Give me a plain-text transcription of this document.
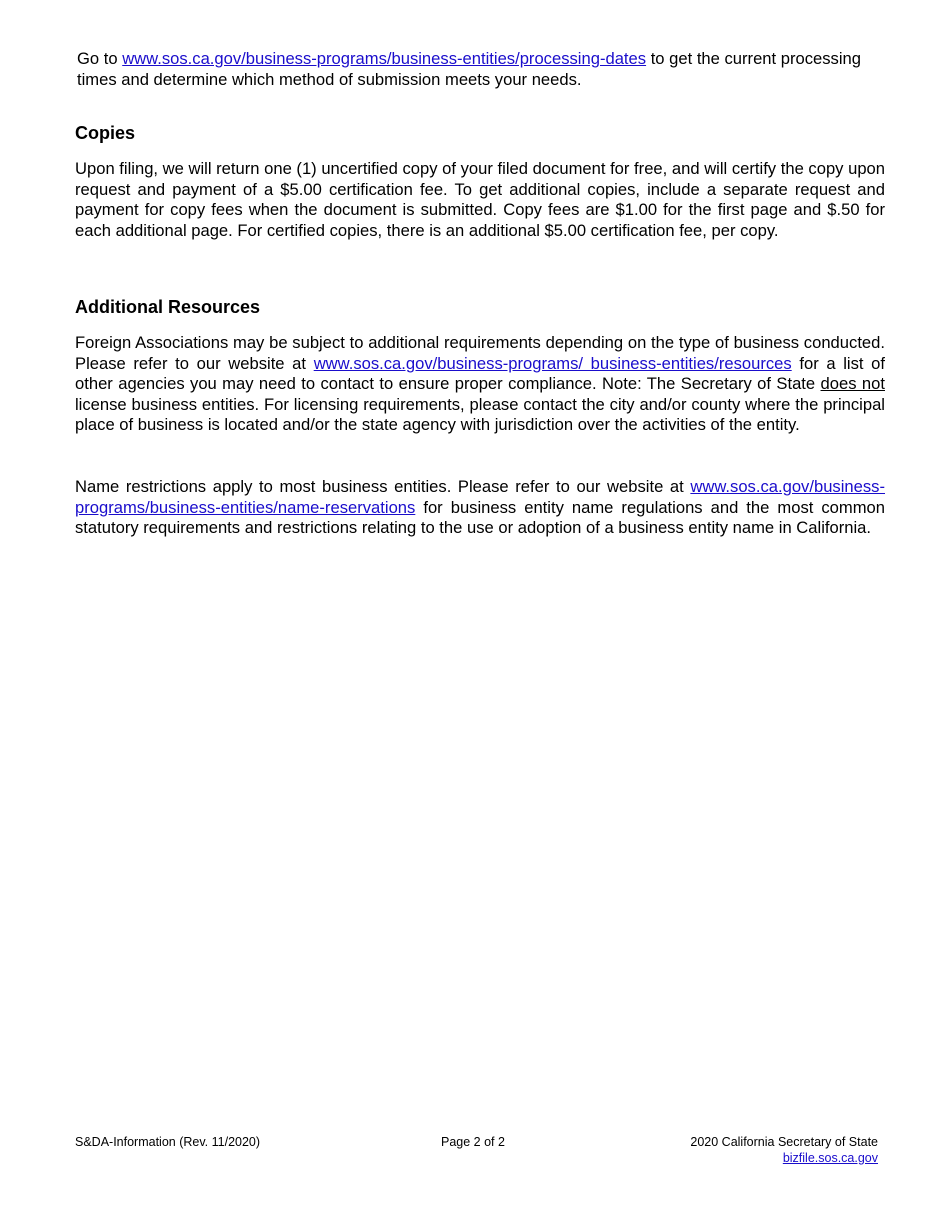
Go to www.sos.ca.gov/business-programs/business-entities/processing-dates to get the current processing times and determine which method of submission meets your needs.

Copies

Upon filing, we will return one (1) uncertified copy of your filed document for free, and will certify the copy upon request and payment of a $5.00 certification fee. To get additional copies, include a separate request and payment for copy fees when the document is submitted. Copy fees are $1.00 for the first page and $.50 for each additional page. For certified copies, there is an additional $5.00 certification fee, per copy.

Additional Resources

Foreign Associations may be subject to additional requirements depending on the type of business conducted. Please refer to our website at www.sos.ca.gov/business-programs/ business-entities/resources for a list of other agencies you may need to contact to ensure proper compliance. Note: The Secretary of State does not license business entities. For licensing requirements, please contact the city and/or county where the principal place of business is located and/or the state agency with jurisdiction over the activities of the entity.

Name restrictions apply to most business entities. Please refer to our website at www.sos.ca.gov/business-programs/business-entities/name-reservations for business entity name regulations and the most common statutory requirements and restrictions relating to the use or adoption of a business entity name in California.

S&DA-Information (Rev. 11/2020)	Page 2 of 2	2020 California Secretary of State
bizfile.sos.ca.gov
